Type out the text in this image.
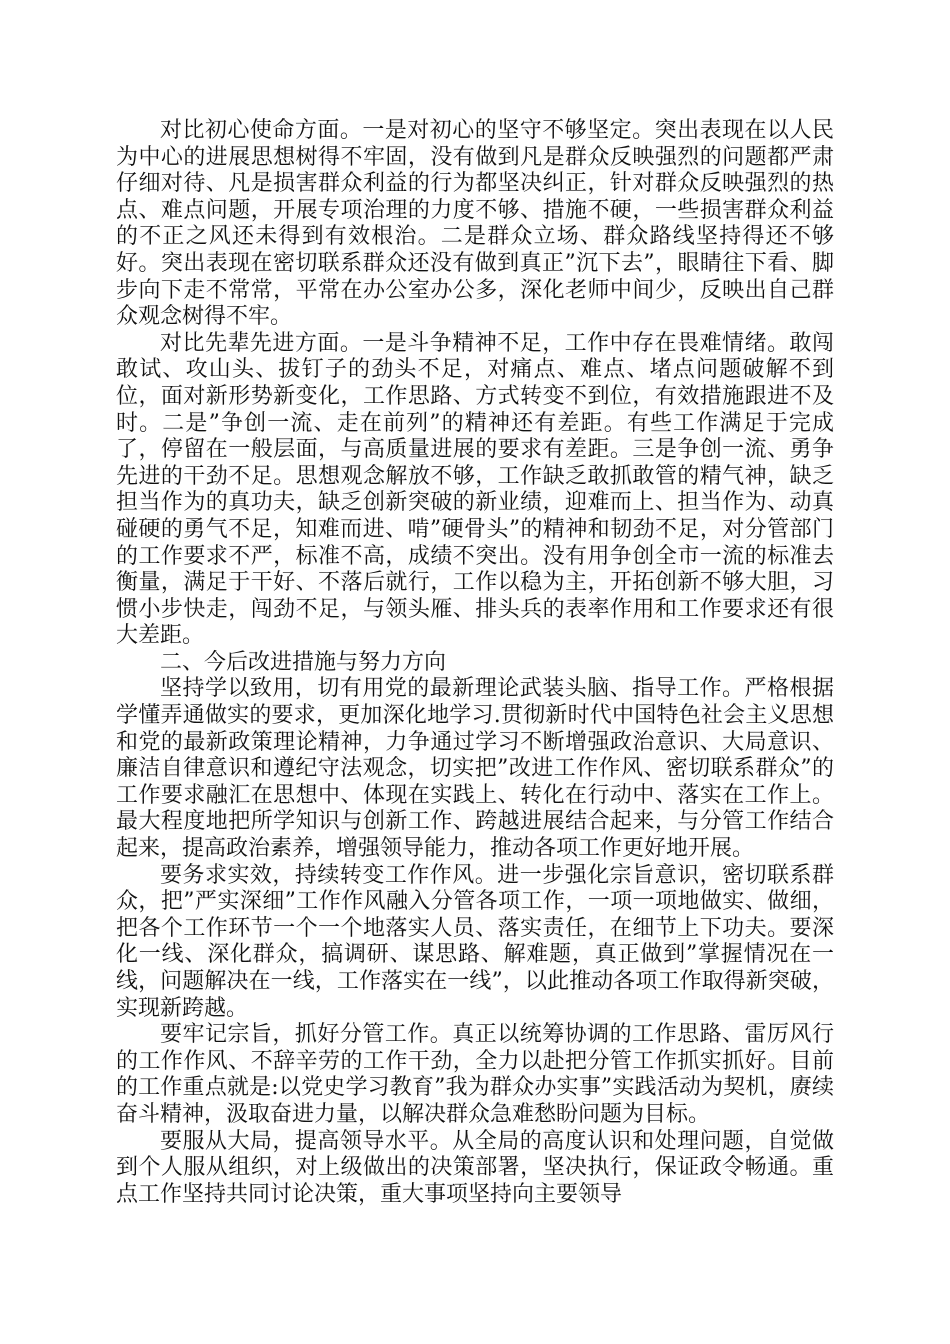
对比初心使命方面。一是对初心的坚守不够坚定。突出表现在以人民为中心的进展思想树得不牢固，没有做到凡是群众反映强烈的问题都严肃仔细对待、凡是损害群众利益的行为都坚决纠正，针对群众反映强烈的热点、难点问题，开展专项治理的力度不够、措施不硬，一些损害群众利益的不正之风还未得到有效根治。二是群众立场、群众路线坚持得还不够好。突出表现在密切联系群众还没有做到真正”沉下去”，眼睛往下看、脚步向下走不常常，平常在办公室办公多，深化老师中间少，反映出自己群众观念树得不牢。

对比先辈先进方面。一是斗争精神不足，工作中存在畏难情绪。敢闯敢试、攻山头、拔钉子的劲头不足，对痛点、难点、堵点问题破解不到位，面对新形势新变化，工作思路、方式转变不到位，有效措施跟进不及时。二是”争创一流、走在前列”的精神还有差距。有些工作满足于完成了，停留在一般层面，与高质量进展的要求有差距。三是争创一流、勇争先进的干劲不足。思想观念解放不够，工作缺乏敢抓敢管的精气神，缺乏担当作为的真功夫，缺乏创新突破的新业绩，迎难而上、担当作为、动真碰硬的勇气不足，知难而进、啃”硬骨头”的精神和韧劲不足，对分管部门的工作要求不严，标准不高，成绩不突出。没有用争创全市一流的标准去衡量，满足于干好、不落后就行，工作以稳为主，开拓创新不够大胆，习惯小步快走，闯劲不足，与领头雁、排头兵的表率作用和工作要求还有很大差距。

二、今后改进措施与努力方向

坚持学以致用，切有用党的最新理论武装头脑、指导工作。严格根据学懂弄通做实的要求，更加深化地学习.贯彻新时代中国特色社会主义思想和党的最新政策理论精神，力争通过学习不断增强政治意识、大局意识、廉洁自律意识和遵纪守法观念，切实把”改进工作作风、密切联系群众”的工作要求融汇在思想中、体现在实践上、转化在行动中、落实在工作上。最大程度地把所学知识与创新工作、跨越进展结合起来，与分管工作结合起来，提高政治素养，增强领导能力，推动各项工作更好地开展。

要务求实效，持续转变工作作风。进一步强化宗旨意识，密切联系群众，把”严实深细”工作作风融入分管各项工作，一项一项地做实、做细，把各个工作环节一个一个地落实人员、落实责任，在细节上下功夫。要深化一线、深化群众，搞调研、谋思路、解难题，真正做到”掌握情况在一线，问题解决在一线，工作落实在一线”，以此推动各项工作取得新突破，实现新跨越。

要牢记宗旨，抓好分管工作。真正以统筹协调的工作思路、雷厉风行的工作作风、不辞辛劳的工作干劲，全力以赴把分管工作抓实抓好。目前的工作重点就是:以党史学习教育”我为群众办实事”实践活动为契机，赓续奋斗精神，汲取奋进力量，以解决群众急难愁盼问题为目标。

要服从大局，提高领导水平。从全局的高度认识和处理问题，自觉做到个人服从组织，对上级做出的决策部署，坚决执行，保证政令畅通。重点工作坚持共同讨论决策，重大事项坚持向主要领导
